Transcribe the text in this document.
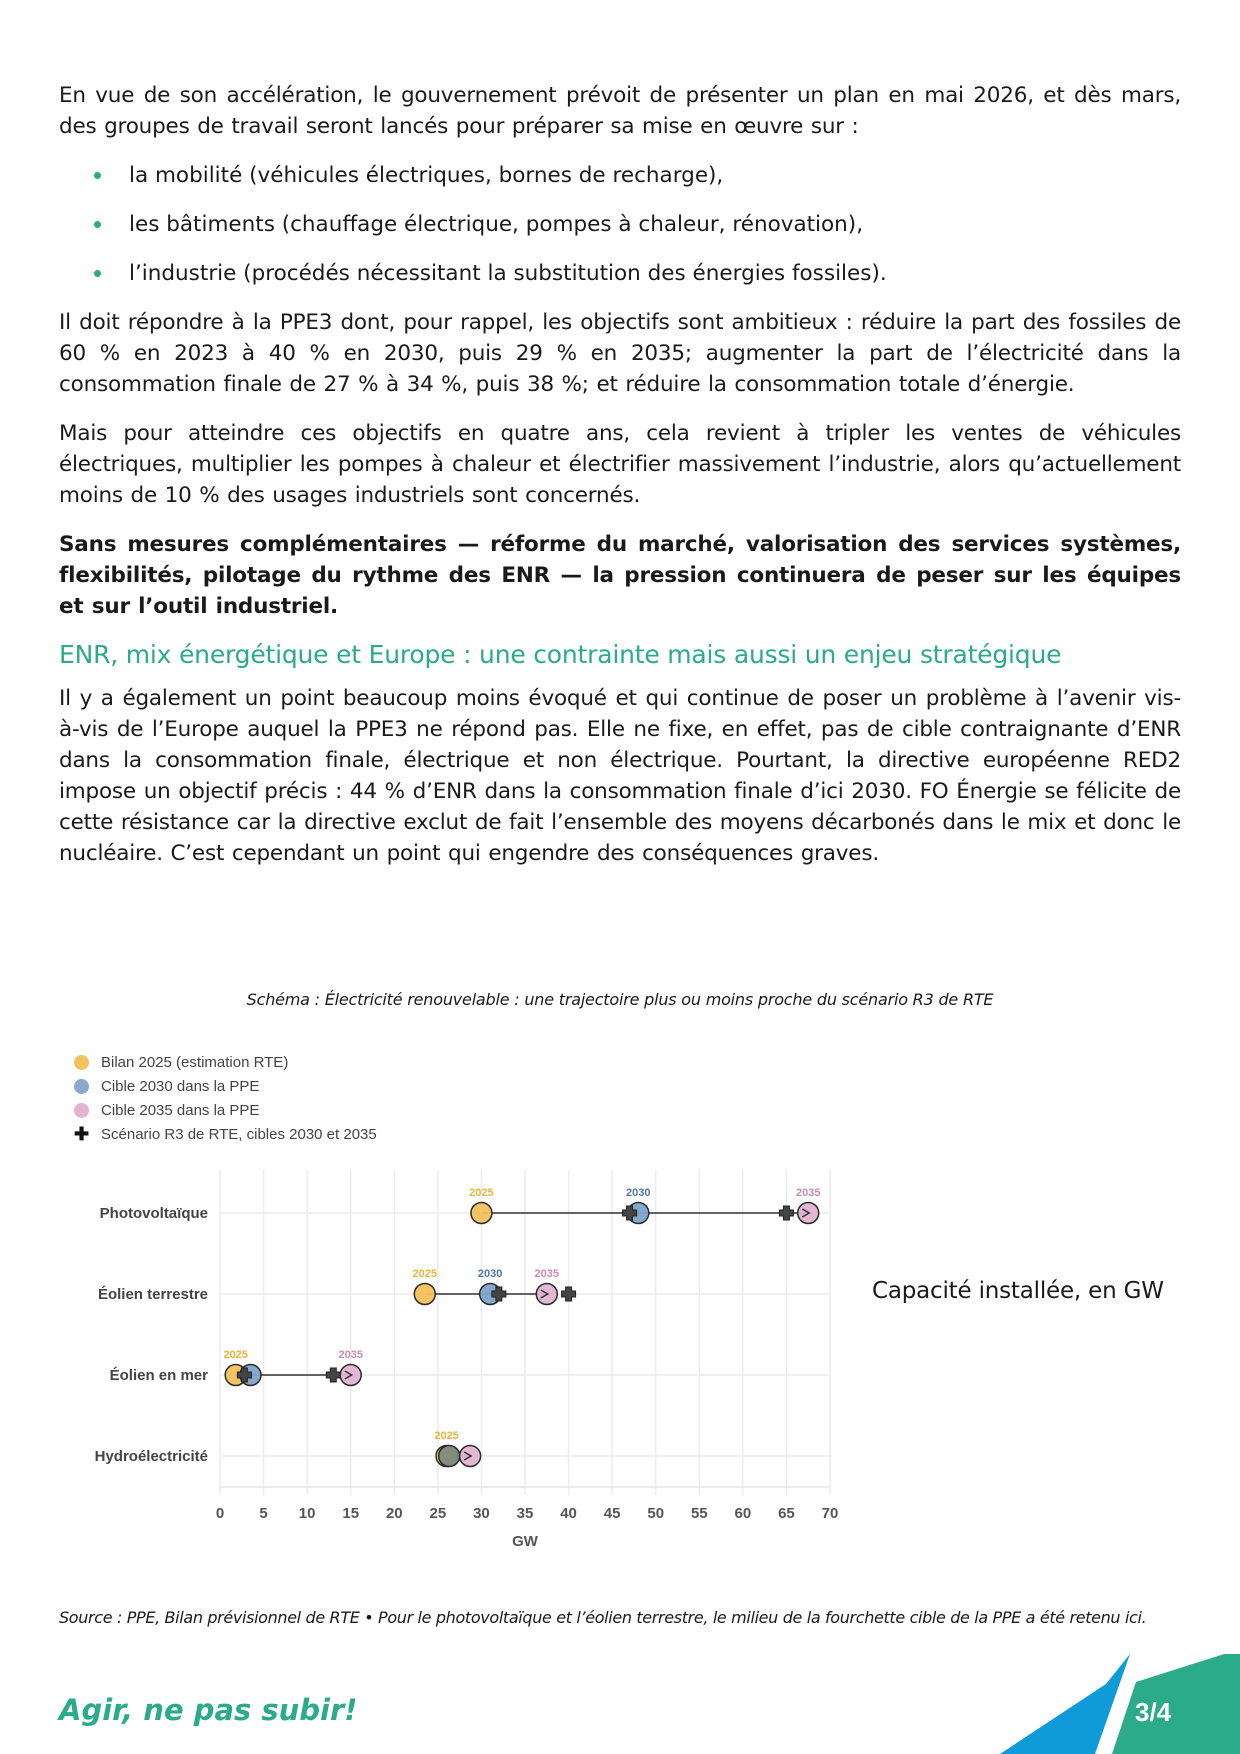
En vue de son accélération, le gouvernement prévoit de présenter un plan en mai 2026, et dès mars, des groupes de travail seront lancés pour préparer sa mise en œuvre sur :

la mobilité (véhicules électriques, bornes de recharge),
les bâtiments (chauffage électrique, pompes à chaleur, rénovation),
l’industrie (procédés nécessitant la substitution des énergies fossiles).

Il doit répondre à la PPE3 dont, pour rappel, les objectifs sont ambitieux : réduire la part des fossiles de 60 % en 2023 à 40 % en 2030, puis 29 % en 2035; augmenter la part de l’électricité dans la consommation finale de 27 % à 34 %, puis 38 %; et réduire la consommation totale d’énergie.

Mais pour atteindre ces objectifs en quatre ans, cela revient à tripler les ventes de véhicules électriques, multiplier les pompes à chaleur et électrifier massivement l’industrie, alors qu’actuellement moins de 10 % des usages industriels sont concernés.

Sans mesures complémentaires — réforme du marché, valorisation des services systèmes, flexibilités, pilotage du rythme des ENR — la pression continuera de peser sur les équipes et sur l’outil industriel.

ENR, mix énergétique et Europe : une contrainte mais aussi un enjeu stratégique

Il y a également un point beaucoup moins évoqué et qui continue de poser un problème à l’avenir vis-à-vis de l’Europe auquel la PPE3 ne répond pas. Elle ne fixe, en effet, pas de cible contraignante d’ENR dans la consommation finale, électrique et non électrique. Pourtant, la directive européenne RED2 impose un objectif précis : 44 % d’ENR dans la consommation finale d’ici 2030. FO Énergie se félicite de cette résistance car la directive exclut de fait l’ensemble des moyens décarbonés dans le mix et donc le nucléaire. C’est cependant un point qui engendre des conséquences graves.

Schéma : Électricité renouvelable : une trajectoire plus ou moins proche du scénario R3 de RTE
Bilan 2025 (estimation RTE)
Cible 2030 dans la PPE
Cible 2035 dans la PPE
✚ Scénario R3 de RTE, cibles 2030 et 2035
0 5 10 15 20 25 30 35 40 45 50 55 60 65 70
GW
Photovoltaïque
Éolien terrestre
Éolien en mer
Hydroélectricité
2025	2030	2035
2025	2030	2035
2025	2035
2025
Capacité installée, en GW
Source : PPE, Bilan prévisionnel de RTE • Pour le photovoltaïque et l’éolien terrestre, le milieu de la fourchette cible de la PPE a été retenu ici.
Agir, ne pas subir!	3/4
